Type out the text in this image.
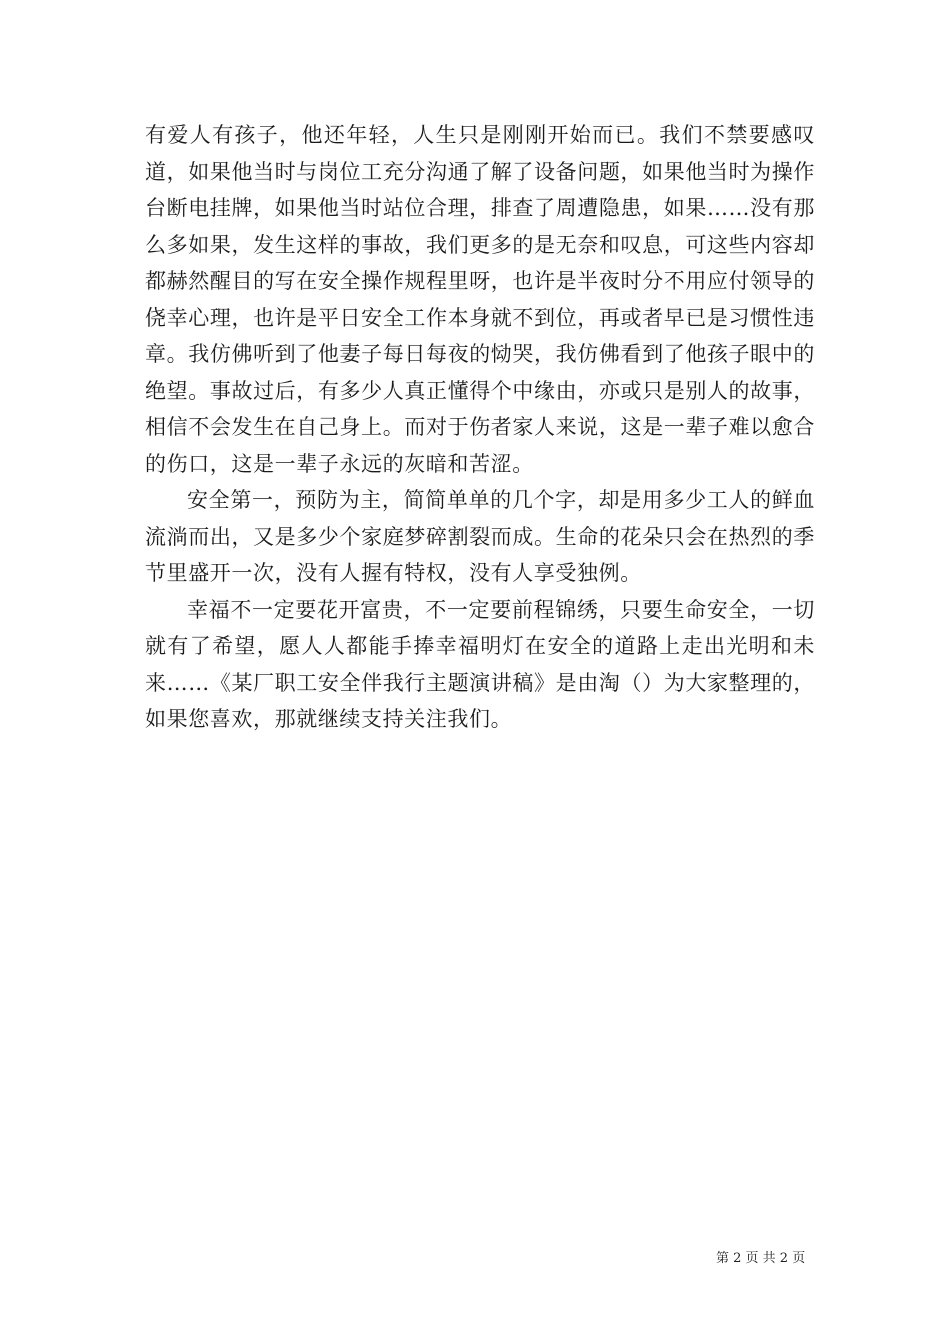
有爱人有孩子，他还年轻，人生只是刚刚开始而已。我们不禁要感叹道，如果他当时与岗位工充分沟通了解了设备问题，如果他当时为操作台断电挂牌，如果他当时站位合理，排查了周遭隐患，如果……没有那么多如果，发生这样的事故，我们更多的是无奈和叹息，可这些内容却都赫然醒目的写在安全操作规程里呀，也许是半夜时分不用应付领导的侥幸心理，也许是平日安全工作本身就不到位，再或者早已是习惯性违章。我仿佛听到了他妻子每日每夜的恸哭，我仿佛看到了他孩子眼中的绝望。事故过后，有多少人真正懂得个中缘由，亦或只是别人的故事，相信不会发生在自己身上。而对于伤者家人来说，这是一辈子难以愈合的伤口，这是一辈子永远的灰暗和苦涩。

安全第一，预防为主，简简单单的几个字，却是用多少工人的鲜血流淌而出，又是多少个家庭梦碎割裂而成。生命的花朵只会在热烈的季节里盛开一次，没有人握有特权，没有人享受独例。

幸福不一定要花开富贵，不一定要前程锦绣，只要生命安全，一切就有了希望，愿人人都能手捧幸福明灯在安全的道路上走出光明和未来……《某厂职工安全伴我行主题演讲稿》是由淘（）为大家整理的，如果您喜欢，那就继续支持关注我们。

第 2 页 共 2 页
